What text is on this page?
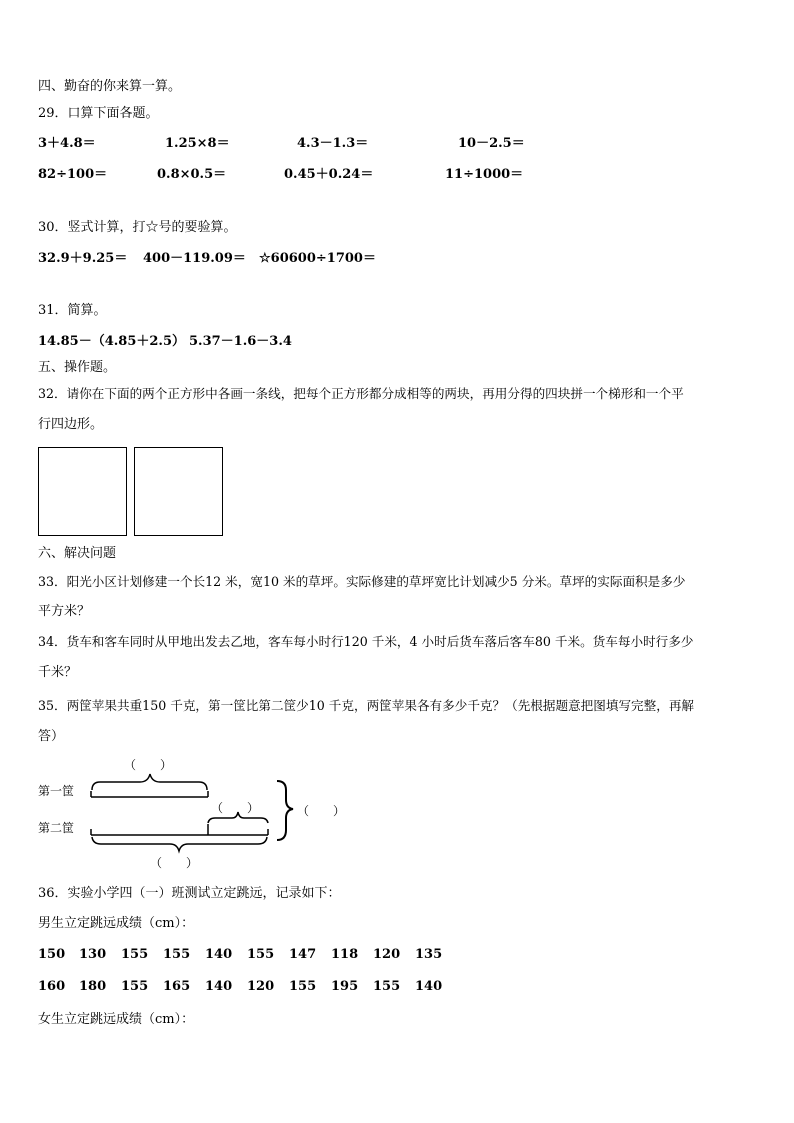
四、勤奋的你来算一算。
29．口算下面各题。
3＋4.8＝	1.25×8＝	4.3－1.3＝	10－2.5＝
82÷100＝	0.8×0.5＝	0.45＋0.24＝	11÷1000＝
30．竖式计算，打☆号的要验算。
32.9＋9.25＝ 400－119.09＝ ☆60600÷1700＝
31．简算。
14.85－（4.85＋2.5） 5.37－1.6－3.4
五、操作题。
32．请你在下面的两个正方形中各画一条线，把每个正方形都分成相等的两块，再用分得的四块拼一个梯形和一个平
行四边形。
六、解决问题
33．阳光小区计划修建一个长12 米，宽10 米的草坪。实际修建的草坪宽比计划减少5 分米。草坪的实际面积是多少
平方米？
34．货车和客车同时从甲地出发去乙地，客车每小时行120 千米，4 小时后货车落后客车80 千米。货车每小时行多少
千米？
35．两筐苹果共重150 千克，第一筐比第二筐少10 千克，两筐苹果各有多少千克？（先根据题意把图填写完整，再解
答）
第一筐
第二筐
（　　）
（　　）	（　　）
（　　）
36．实验小学四（一）班测试立定跳远，记录如下：
男生立定跳远成绩（cm）：
150 130 155 155 140 155 147 118 120 135
160 180 155 165 140 120 155 195 155 140
女生立定跳远成绩（cm）：
